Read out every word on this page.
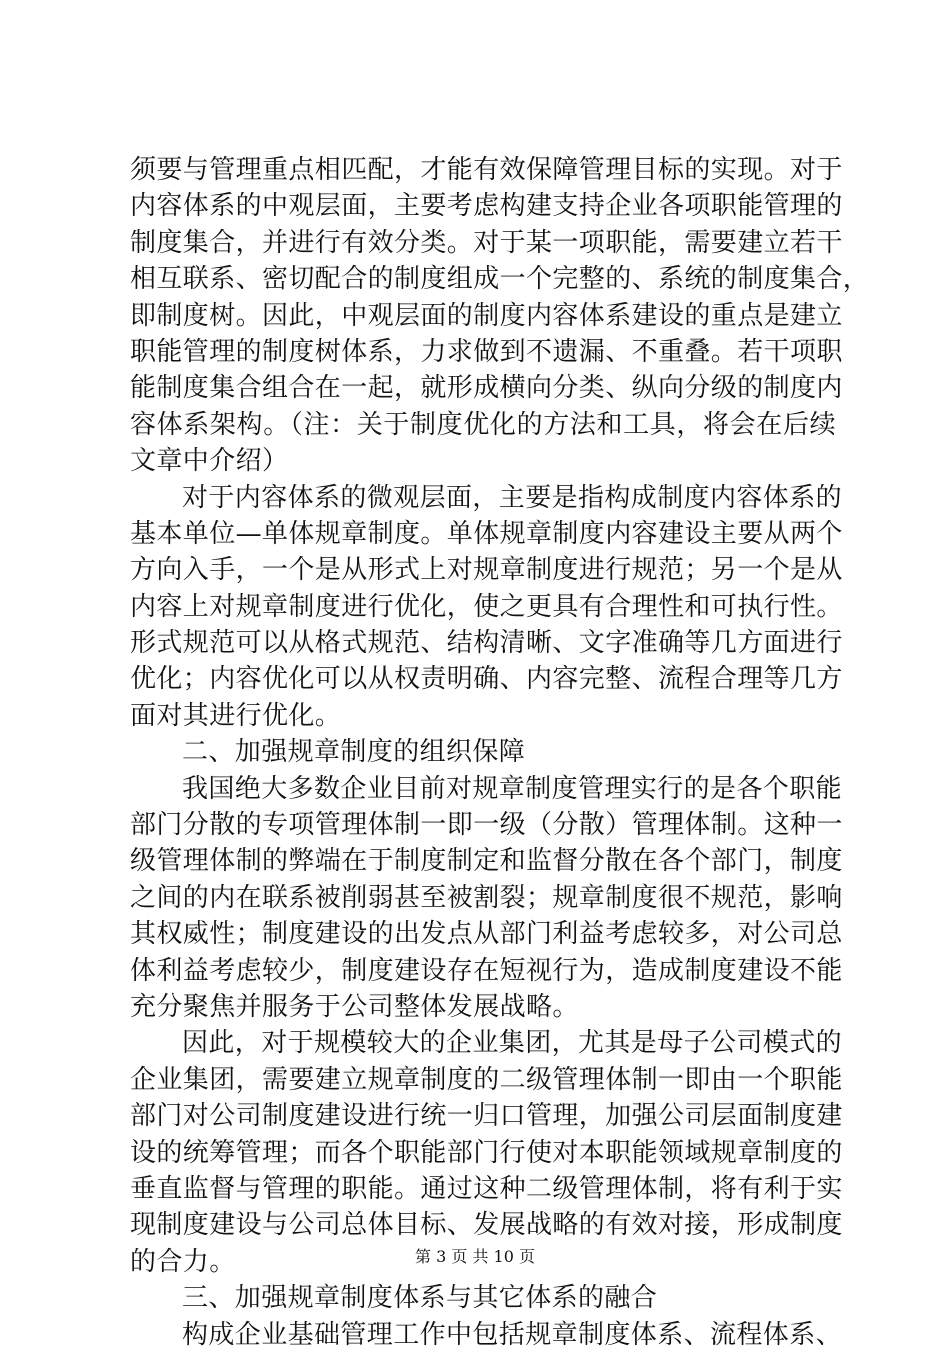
须要与管理重点相匹配，才能有效保障管理目标的实现。对于
内容体系的中观层面，主要考虑构建支持企业各项职能管理的
制度集合，并进行有效分类。对于某一项职能，需要建立若干
相互联系、密切配合的制度组成一个完整的、系统的制度集合，
即制度树。因此，中观层面的制度内容体系建设的重点是建立
职能管理的制度树体系，力求做到不遗漏、不重叠。若干项职
能制度集合组合在一起，就形成横向分类、纵向分级的制度内
容体系架构。（注：关于制度优化的方法和工具，将会在后续
文章中介绍）
对于内容体系的微观层面，主要是指构成制度内容体系的
基本单位—单体规章制度。单体规章制度内容建设主要从两个
方向入手，一个是从形式上对规章制度进行规范；另一个是从
内容上对规章制度进行优化，使之更具有合理性和可执行性。
形式规范可以从格式规范、结构清晰、文字准确等几方面进行
优化；内容优化可以从权责明确、内容完整、流程合理等几方
面对其进行优化。
二、加强规章制度的组织保障
我国绝大多数企业目前对规章制度管理实行的是各个职能
部门分散的专项管理体制一即一级（分散）管理体制。这种一
级管理体制的弊端在于制度制定和监督分散在各个部门，制度
之间的内在联系被削弱甚至被割裂；规章制度很不规范，影响
其权威性；制度建设的出发点从部门利益考虑较多，对公司总
体利益考虑较少，制度建设存在短视行为，造成制度建设不能
充分聚焦并服务于公司整体发展战略。
因此，对于规模较大的企业集团，尤其是母子公司模式的
企业集团，需要建立规章制度的二级管理体制一即由一个职能
部门对公司制度建设进行统一归口管理，加强公司层面制度建
设的统筹管理；而各个职能部门行使对本职能领域规章制度的
垂直监督与管理的职能。通过这种二级管理体制，将有利于实
现制度建设与公司总体目标、发展战略的有效对接，形成制度
的合力。
三、加强规章制度体系与其它体系的融合
构成企业基础管理工作中包括规章制度体系、流程体系、
第 3 页 共 10 页
